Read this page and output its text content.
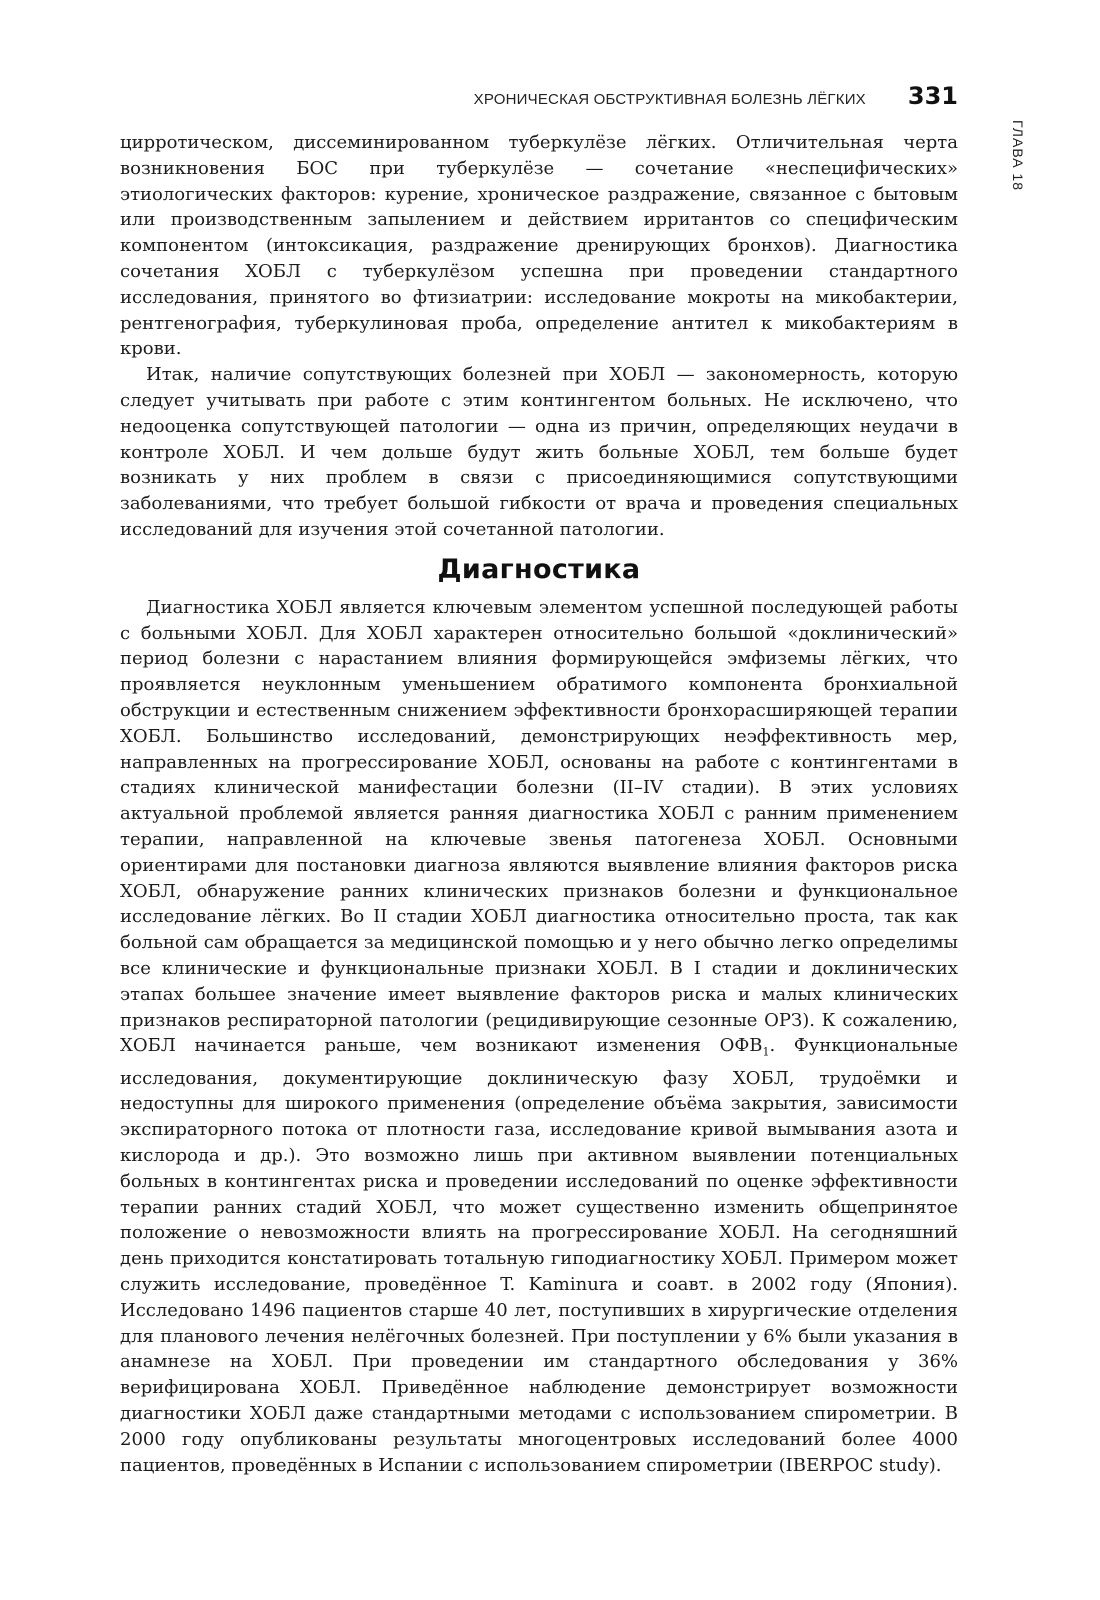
ХРОНИЧЕСКАЯ ОБСТРУКТИВНАЯ БОЛЕЗНЬ ЛЁГКИХ 331
ГЛАВА 18

цирротическом, диссеминированном туберкулёзе лёгких. Отличительная черта возникновения БОС при туберкулёзе — сочетание «неспецифических» этиологических факторов: курение, хроническое раздражение, связанное с бытовым или производственным запылением и действием ирритантов со специфическим компонентом (интоксикация, раздражение дренирующих бронхов). Диагностика сочетания ХОБЛ с туберкулёзом успешна при проведении стандартного исследования, принятого во фтизиатрии: исследование мокроты на микобактерии, рентгенография, туберкулиновая проба, определение антител к микобактериям в крови.

Итак, наличие сопутствующих болезней при ХОБЛ — закономерность, которую следует учитывать при работе с этим контингентом больных. Не исключено, что недооценка сопутствующей патологии — одна из причин, определяющих неудачи в контроле ХОБЛ. И чем дольше будут жить больные ХОБЛ, тем больше будет возникать у них проблем в связи с присоединяющимися сопутствующими заболеваниями, что требует большой гибкости от врача и проведения специальных исследований для изучения этой сочетанной патологии.

Диагностика

Диагностика ХОБЛ является ключевым элементом успешной последующей работы с больными ХОБЛ. Для ХОБЛ характерен относительно большой «доклинический» период болезни с нарастанием влияния формирующейся эмфиземы лёгких, что проявляется неуклонным уменьшением обратимого компонента бронхиальной обструкции и естественным снижением эффективности бронхорасширяющей терапии ХОБЛ. Большинство исследований, демонстрирующих неэффективность мер, направленных на прогрессирование ХОБЛ, основаны на работе с контингентами в стадиях клинической манифестации болезни (II–IV стадии). В этих условиях актуальной проблемой является ранняя диагностика ХОБЛ с ранним применением терапии, направленной на ключевые звенья патогенеза ХОБЛ. Основными ориентирами для постановки диагноза являются выявление влияния факторов риска ХОБЛ, обнаружение ранних клинических признаков болезни и функциональное исследование лёгких. Во II стадии ХОБЛ диагностика относительно проста, так как больной сам обращается за медицинской помощью и у него обычно легко определимы все клинические и функциональные признаки ХОБЛ. В I стадии и доклинических этапах большее значение имеет выявление факторов риска и малых клинических признаков респираторной патологии (рецидивирующие сезонные ОРЗ). К сожалению, ХОБЛ начинается раньше, чем возникают изменения $ОФВ_1$. Функциональные исследования, документирующие доклиническую фазу ХОБЛ, трудоёмки и недоступны для широкого применения (определение объёма закрытия, зависимости экспираторного потока от плотности газа, исследование кривой вымывания азота и кислорода и др.). Это возможно лишь при активном выявлении потенциальных больных в контингентах риска и проведении исследований по оценке эффективности терапии ранних стадий ХОБЛ, что может существенно изменить общепринятое положение о невозможности влиять на прогрессирование ХОБЛ. На сегодняшний день приходится констатировать тотальную гиподиагностику ХОБЛ. Примером может служить исследование, проведённое T. Kaminura и соавт. в 2002 году (Япония). Исследовано 1496 пациентов старше 40 лет, поступивших в хирургические отделения для планового лечения нелёгочных болезней. При поступлении у 6% были указания в анамнезе на ХОБЛ. При проведении им стандартного обследования у 36% верифицирована ХОБЛ. Приведённое наблюдение демонстрирует возможности диагностики ХОБЛ даже стандартными методами с использованием спирометрии. В 2000 году опубликованы результаты многоцентровых исследований более 4000 пациентов, проведённых в Испании с использованием спирометрии (IBERPOC study).
